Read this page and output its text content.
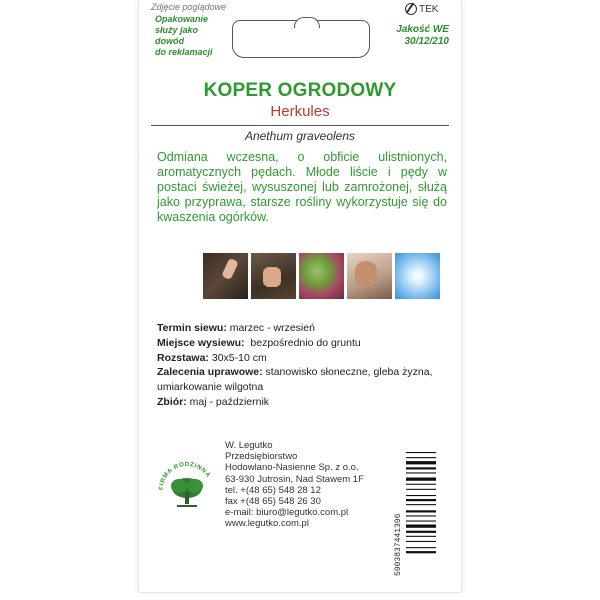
Zdjęcie poglądowe
Opakowanie
służy jako
dowód
do reklamacji
TEK
Jakość WE
30/12/210
KOPER OGRODOWY
Herkules
Anethum graveolens
Odmiana wczesna, o obficie ulistnionych, aromatycznych pędach. Młode liście i pędy w postaci świeżej, wysuszonej lub zamrożonej, służą jako przyprawa, starsze rośliny wykorzystuje się do kwaszenia ogórków.
Termin siewu: marzec - wrzesień
Miejsce wysiewu: bezpośrednio do gruntu
Rozstawa: 30x5-10 cm
Zalecenia uprawowe: stanowisko słoneczne, gleba żyzna, umiarkowanie wilgotna
Zbiór: maj - październik
FIRMA RODZINNA
W. Legutko
Przedsiębiorstwo
Hodowlano-Nasienne Sp. z o.o.
63-930 Jutrosin, Nad Stawem 1F
tel. +(48 65) 548 28 12
fax +(48 65) 548 26 30
e-mail: biuro@legutko.com.pl
www.legutko.com.pl	5903837441396
